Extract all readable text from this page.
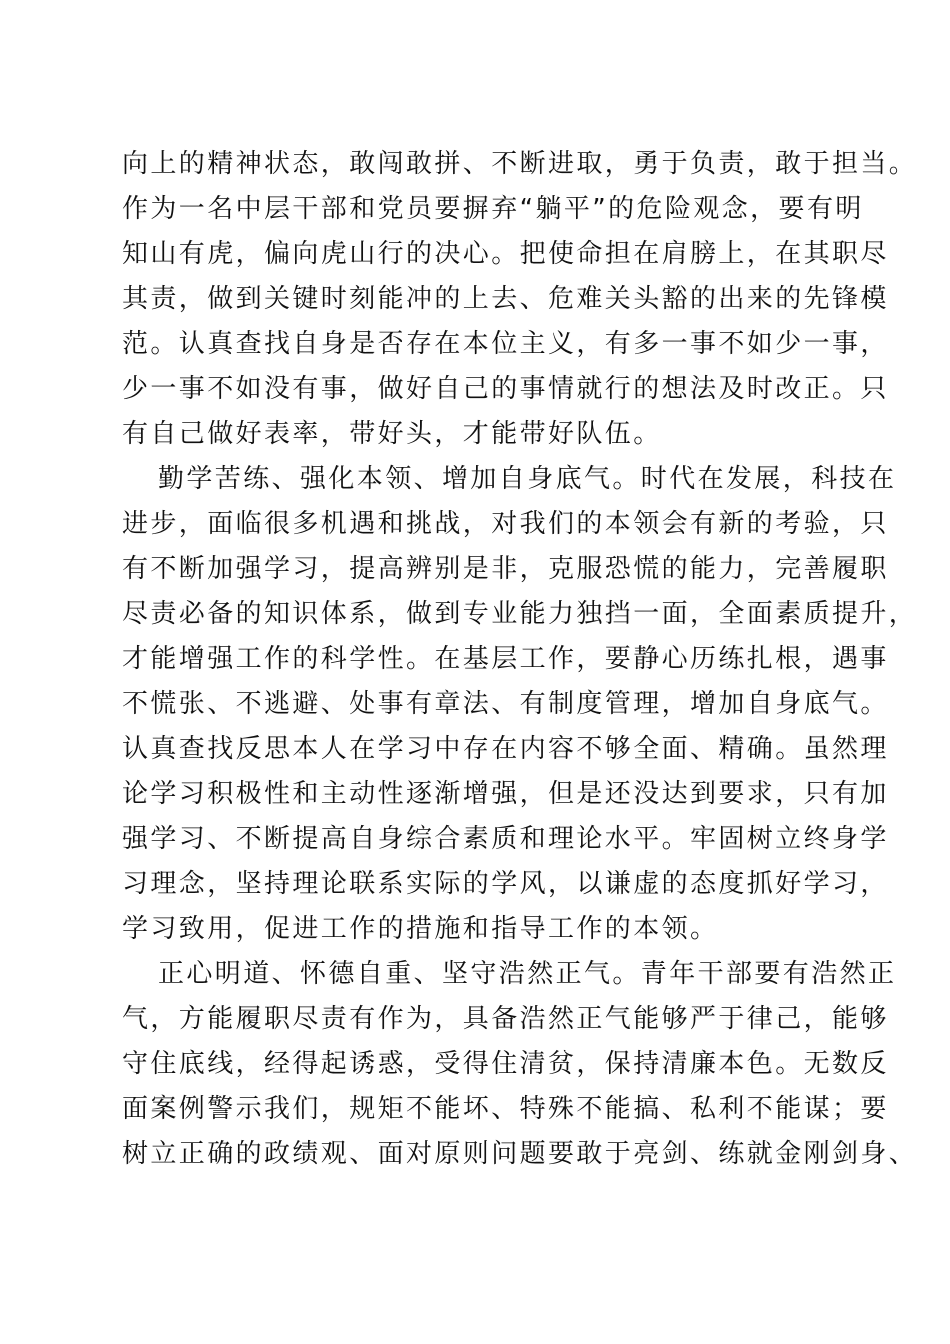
向上的精神状态，敢闯敢拼、不断进取，勇于负责，敢于担当。
作为一名中层干部和党员要摒弃“躺平”的危险观念，要有明
知山有虎，偏向虎山行的决心。把使命担在肩膀上，在其职尽
其责，做到关键时刻能冲的上去、危难关头豁的出来的先锋模
范。认真查找自身是否存在本位主义，有多一事不如少一事，
少一事不如没有事，做好自己的事情就行的想法及时改正。只
有自己做好表率，带好头，才能带好队伍。
勤学苦练、强化本领、增加自身底气。时代在发展，科技在
进步，面临很多机遇和挑战，对我们的本领会有新的考验，只
有不断加强学习，提高辨别是非，克服恐慌的能力，完善履职
尽责必备的知识体系，做到专业能力独挡一面，全面素质提升，
才能增强工作的科学性。在基层工作，要静心历练扎根，遇事
不慌张、不逃避、处事有章法、有制度管理，增加自身底气。
认真查找反思本人在学习中存在内容不够全面、精确。虽然理
论学习积极性和主动性逐渐增强，但是还没达到要求，只有加
强学习、不断提高自身综合素质和理论水平。牢固树立终身学
习理念，坚持理论联系实际的学风，以谦虚的态度抓好学习，
学习致用，促进工作的措施和指导工作的本领。
正心明道、怀德自重、坚守浩然正气。青年干部要有浩然正
气，方能履职尽责有作为，具备浩然正气能够严于律己，能够
守住底线，经得起诱惑，受得住清贫，保持清廉本色。无数反
面案例警示我们，规矩不能坏、特殊不能搞、私利不能谋；要
树立正确的政绩观、面对原则问题要敢于亮剑、练就金刚剑身、
